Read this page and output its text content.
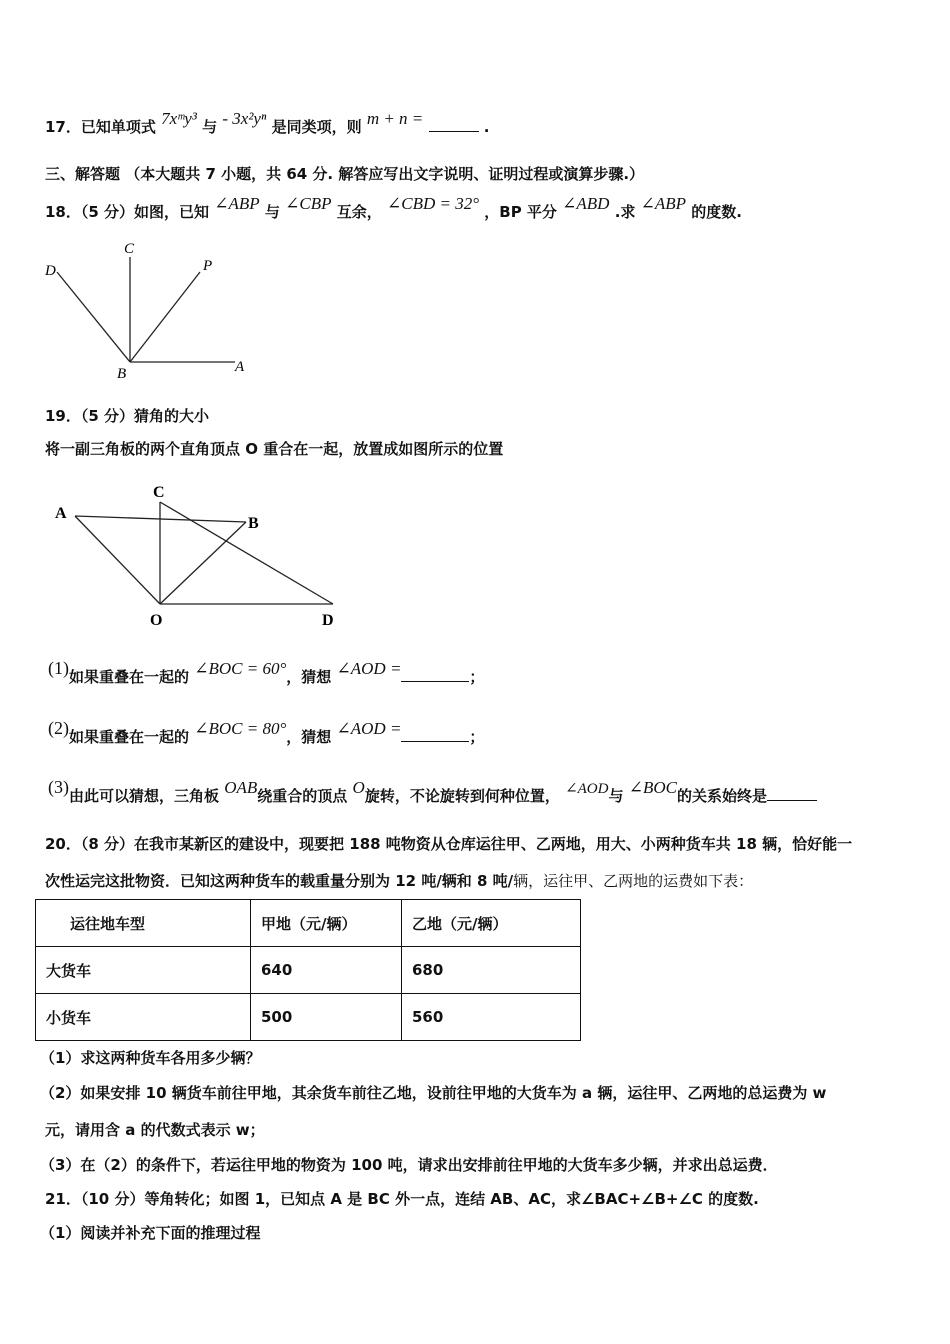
17．已知单项式 7xᵐy³ 与 - 3x²yⁿ 是同类项，则 m + n =	.
三、解答题 （本大题共 7 小题，共 64 分. 解答应写出文字说明、证明过程或演算步骤.）
18．（5 分）如图，已知 ∠ABP 与 ∠CBP 互余， ∠CBD = 32° ，BP 平分 ∠ABD .求 ∠ABP 的度数.
D
C
P
B	A
19．（5 分）猜角的大小
将一副三角板的两个直角顶点 O 重合在一起，放置成如图所示的位置
A
C
B
O	D
(1)如果重叠在一起的 ∠BOC = 60°，猜想 ∠AOD =	；
(2)如果重叠在一起的 ∠BOC = 80°，猜想 ∠AOD =	；
(3)由此可以猜想，三角板 OAB绕重合的顶点 O旋转，不论旋转到何种位置， ∠AOD与 ∠BOC的关系始终是
20．（8 分）在我市某新区的建设中，现要把 188 吨物资从仓库运往甲、乙两地，用大、小两种货车共 18 辆，恰好能一
次性运完这批物资．已知这两种货车的载重量分别为 12 吨/辆和 8 吨/辆，运往甲、乙两地的运费如下表：
运往地车型	甲地（元/辆）	乙地（元/辆）
大货车	640	680
小货车	500	560
（1）求这两种货车各用多少辆？
（2）如果安排 10 辆货车前往甲地，其余货车前往乙地，设前往甲地的大货车为 a 辆，运往甲、乙两地的总运费为 w
元，请用含 a 的代数式表示 w；
（3）在（2）的条件下，若运往甲地的物资为 100 吨，请求出安排前往甲地的大货车多少辆，并求出总运费．
21．（10 分）等角转化；如图 1，已知点 A 是 BC 外一点，连结 AB、AC，求∠BAC+∠B+∠C 的度数.
（1）阅读并补充下面的推理过程
